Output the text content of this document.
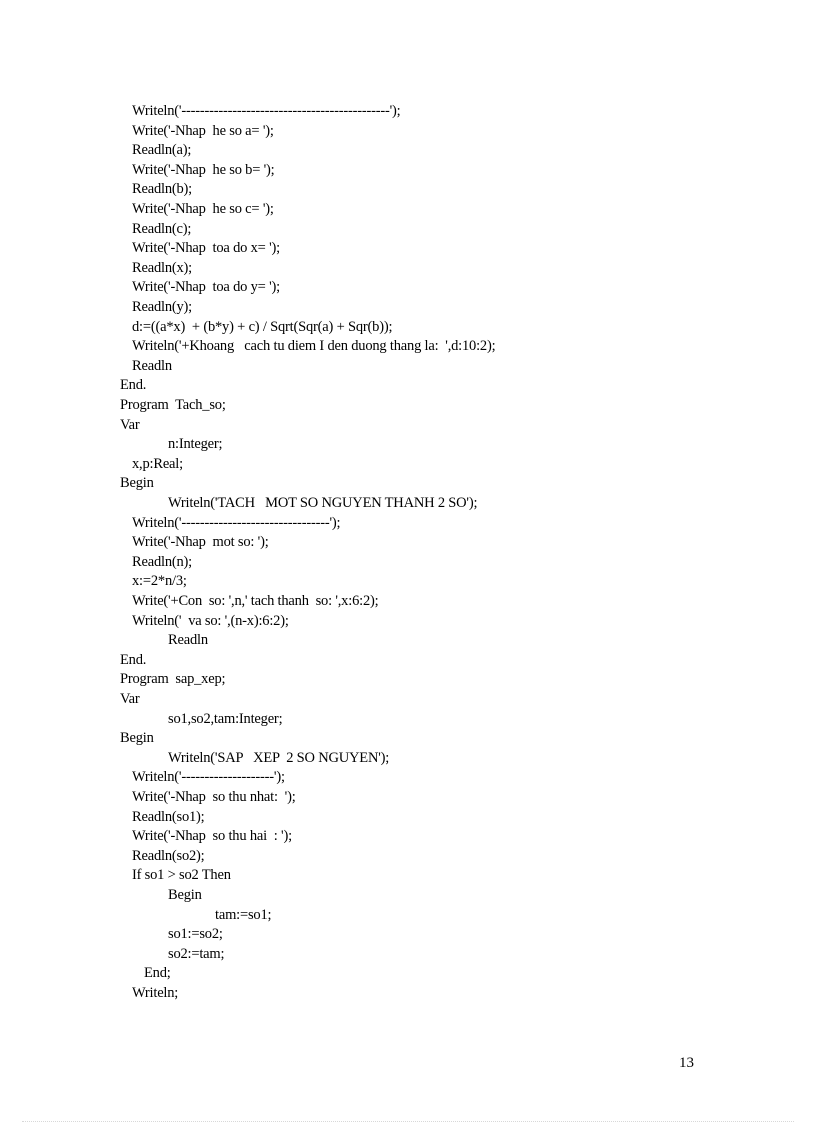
Writeln('---------------------------------------------');
Write('-Nhap  he so a= ');
Readln(a);
Write('-Nhap  he so b= ');
Readln(b);
Write('-Nhap  he so c= ');
Readln(c);
Write('-Nhap  toa do x= ');
Readln(x);
Write('-Nhap  toa do y= ');
Readln(y);
d:=((a*x)  + (b*y) + c) / Sqrt(Sqr(a) + Sqr(b));
Writeln('+Khoang   cach tu diem I den duong thang la:  ',d:10:2);
Readln
End.
Program  Tach_so;
Var
n:Integer;
x,p:Real;
Begin
Writeln('TACH   MOT SO NGUYEN THANH 2 SO');
Writeln('--------------------------------');
Write('-Nhap  mot so: ');
Readln(n);
x:=2*n/3;
Write('+Con  so: ',n,' tach thanh  so: ',x:6:2);
Writeln('  va so: ',(n-x):6:2);
Readln
End.
Program  sap_xep;
Var
so1,so2,tam:Integer;
Begin
Writeln('SAP   XEP  2 SO NGUYEN');
Writeln('--------------------');
Write('-Nhap  so thu nhat:  ');
Readln(so1);
Write('-Nhap  so thu hai  : ');
Readln(so2);
If so1 > so2 Then
Begin
tam:=so1;
so1:=so2;
so2:=tam;
End;
Writeln;
13
